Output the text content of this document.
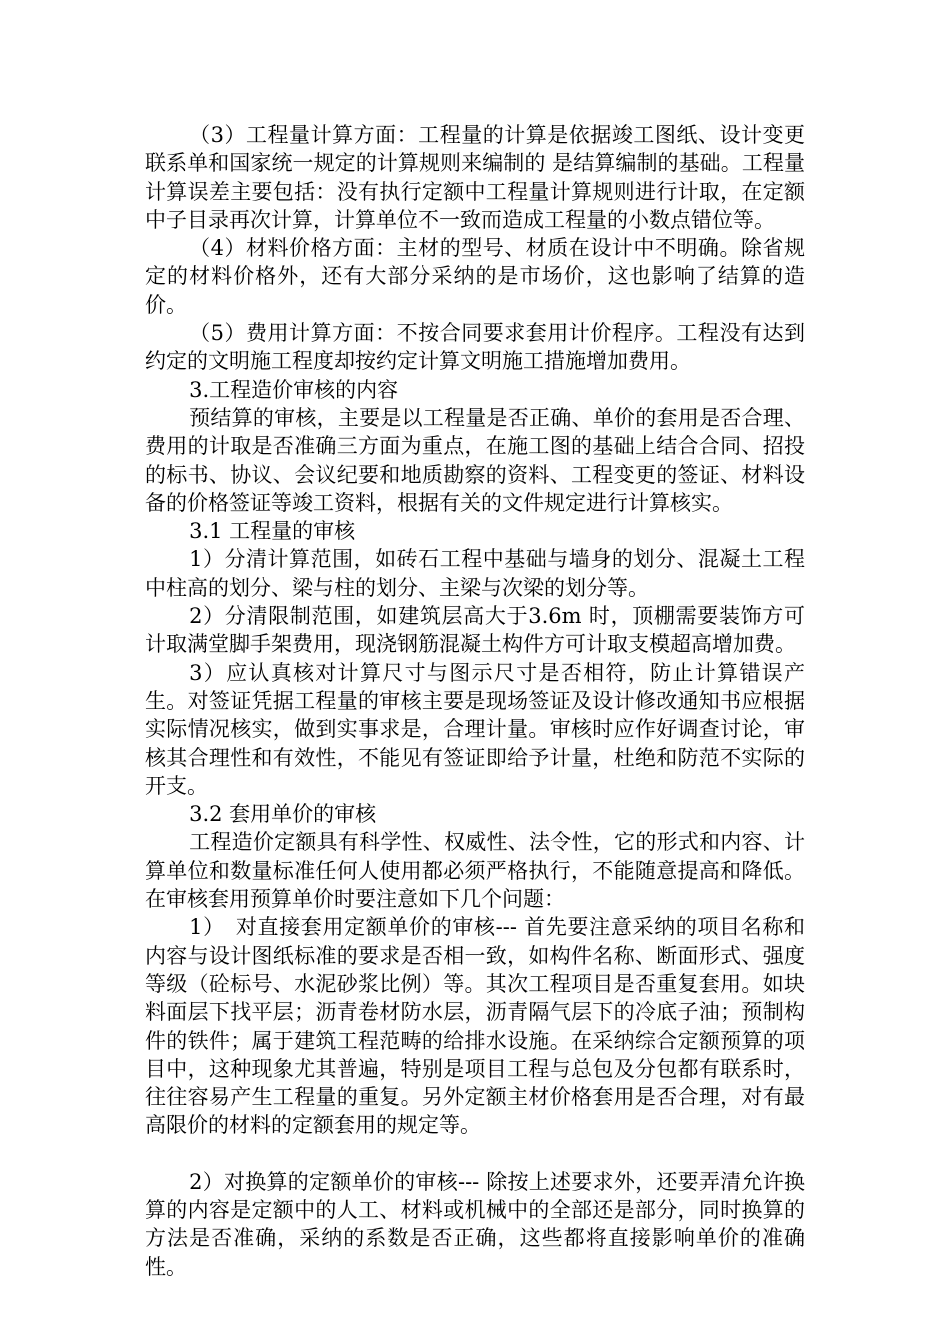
（3）工程量计算方面：工程量的计算是依据竣工图纸、设计变更联系单和国家统一规定的计算规则来编制的 是结算编制的基础。工程量计算误差主要包括：没有执行定额中工程量计算规则进行计取，在定额中子目录再次计算，计算单位不一致而造成工程量的小数点错位等。

（4）材料价格方面：主材的型号、材质在设计中不明确。除省规定的材料价格外，还有大部分采纳的是市场价，这也影响了结算的造价。

（5）费用计算方面：不按合同要求套用计价程序。工程没有达到约定的文明施工程度却按约定计算文明施工措施增加费用。

3.工程造价审核的内容

预结算的审核，主要是以工程量是否正确、单价的套用是否合理、费用的计取是否准确三方面为重点，在施工图的基础上结合合同、招投的标书、协议、会议纪要和地质勘察的资料、工程变更的签证、材料设备的价格签证等竣工资料，根据有关的文件规定进行计算核实。

3.1 工程量的审核

1）分清计算范围，如砖石工程中基础与墙身的划分、混凝土工程中柱高的划分、梁与柱的划分、主梁与次梁的划分等。

2）分清限制范围，如建筑层高大于3.6m 时，顶棚需要装饰方可计取满堂脚手架费用，现浇钢筋混凝土构件方可计取支模超高增加费。

3）应认真核对计算尺寸与图示尺寸是否相符，防止计算错误产生。对签证凭据工程量的审核主要是现场签证及设计修改通知书应根据实际情况核实，做到实事求是，合理计量。审核时应作好调查讨论，审核其合理性和有效性，不能见有签证即给予计量，杜绝和防范不实际的开支。

3.2 套用单价的审核

工程造价定额具有科学性、权威性、法令性，它的形式和内容、计算单位和数量标准任何人使用都必须严格执行，不能随意提高和降低。在审核套用预算单价时要注意如下几个问题：

1）　对直接套用定额单价的审核--- 首先要注意采纳的项目名称和内容与设计图纸标准的要求是否相一致，如构件名称、断面形式、强度等级（砼标号、水泥砂浆比例）等。其次工程项目是否重复套用。如块料面层下找平层；沥青卷材防水层，沥青隔气层下的冷底子油；预制构件的铁件；属于建筑工程范畴的给排水设施。在采纳综合定额预算的项目中，这种现象尤其普遍，特别是项目工程与总包及分包都有联系时，往往容易产生工程量的重复。另外定额主材价格套用是否合理，对有最高限价的材料的定额套用的规定等。

2）对换算的定额单价的审核--- 除按上述要求外，还要弄清允许换算的内容是定额中的人工、材料或机械中的全部还是部分，同时换算的方法是否准确，采纳的系数是否正确，这些都将直接影响单价的准确性。
